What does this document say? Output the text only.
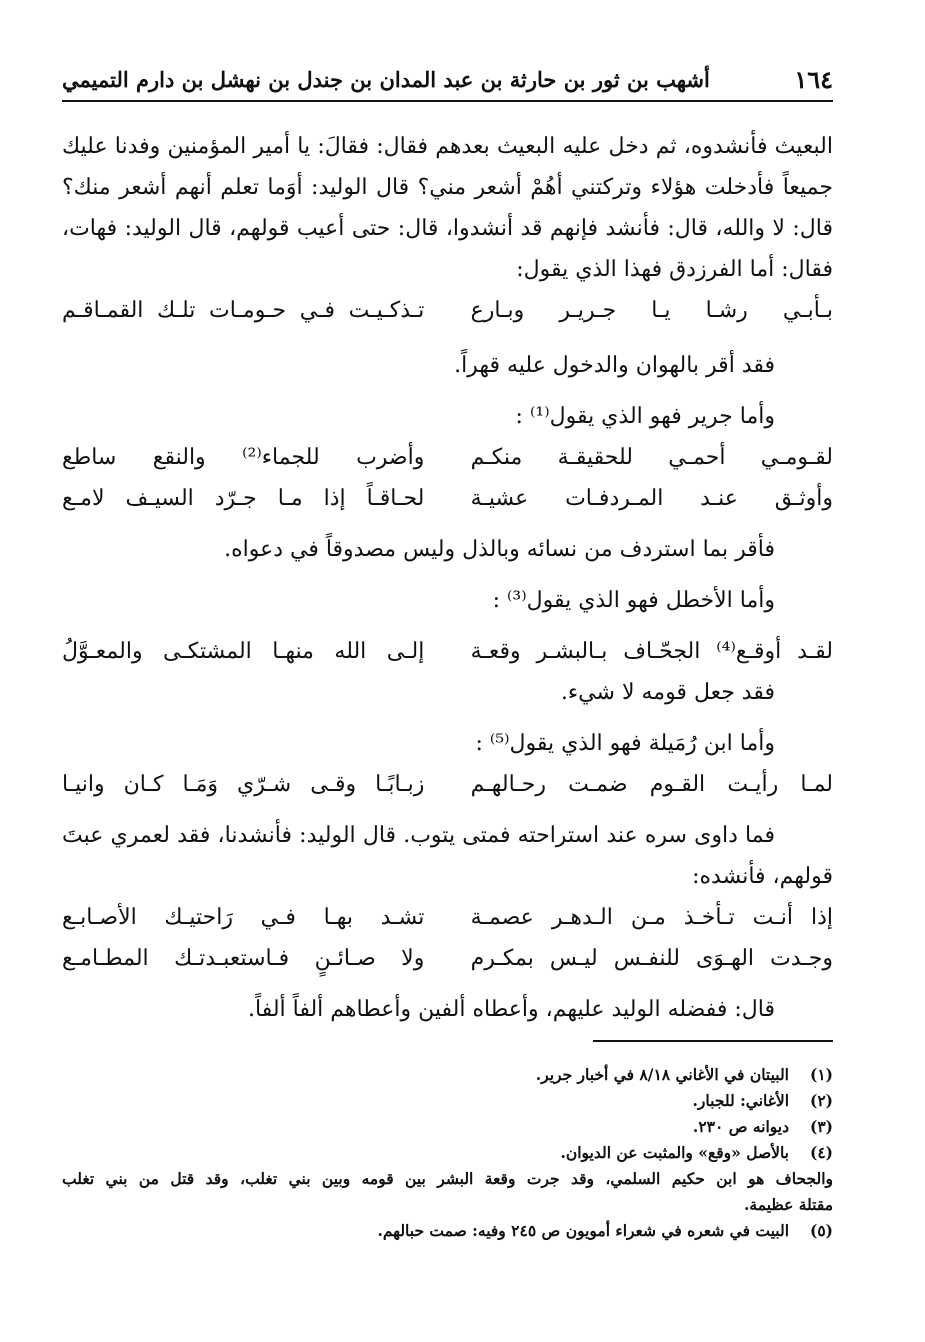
١٦٤
أشهب بن ثور بن حارثة بن عبد المدان بن جندل بن نهشل بن دارم التميمي
البعيث فأنشدوه، ثم دخل عليه البعيث بعدهم فقال: فقالَ: يا أمير المؤمنين وفدنا عليك
جميعاً فأدخلت هؤلاء وتركتني أهُمْ أشعر مني؟ قال الوليد: أوَما تعلم أنهم أشعر منك؟
قال: لا والله، قال: فأنشد فإنهم قد أنشدوا، قال: حتى أعيب قولهم، قال الوليد: فهات،
فقال: أما الفرزدق فهذا الذي يقول:
بـأبـي رشـا يـا جـريـر وبـارع
تـذكـيـت فـي حـومـات تلـك القمـاقـم
فقد أقر بالهوان والدخول عليه قهراً.
وأما جرير فهو الذي يقول⁽¹⁾ :
لقـومـي أحمـي للحقيقـة منكـم
وأضرب للجماء⁽²⁾ والنقع ساطع
وأوثـق عنـد المـردفـات عشيـة
لحـاقـاً إذا مـا جـرّد السيـف لامـع
فأقر بما استردف من نسائه وبالذل وليس مصدوقاً في دعواه.
وأما الأخطل فهو الذي يقول⁽³⁾ :
لقـد أوقـع⁽⁴⁾ الجحّـاف بـالبشـر وقعـة
إلـى الله منهـا المشتكـى والمعـوَّلُ
فقد جعل قومه لا شيء.
وأما ابن رُمَيلة فهو الذي يقول⁽⁵⁾ :
لمـا رأيـت القـوم ضمـت رحـالهـم
زبـابًـا وقـى شـرّي وَمَـا كـان وانيـا
فما داوى سره عند استراحته فمتى يتوب. قال الوليد: فأنشدنا، فقد لعمري عبتَ
قولهم، فأنشده:
إذا أنـت تـأخـذ مـن الـدهـر عصمـة
تشـد بهـا فـي رَاحتيـك الأصـابـع
وجـدت الهـوَى للنفـس ليـس بمكـرم
ولا صـائـنٍ فـاستعبـدتـك المطـامـع
قال: ففضله الوليد عليهم، وأعطاه ألفين وأعطاهم ألفاً ألفاً.
(١)
البيتان في الأغاني ٨/١٨ في أخبار جرير.
(٢)
الأغاني: للجبار.
(٣)
ديوانه ص ٢٣٠.
(٤)
بالأصل «وقع» والمثبت عن الديوان.
والجحاف هو ابن حكيم السلمي، وقد جرت وقعة البشر بين قومه وبين بني تغلب، وقد قتل من بني تغلب
مقتلة عظيمة.
(٥)
البيت في شعره في شعراء أمويون ص ٢٤٥ وفيه: صمت حبالهم.
